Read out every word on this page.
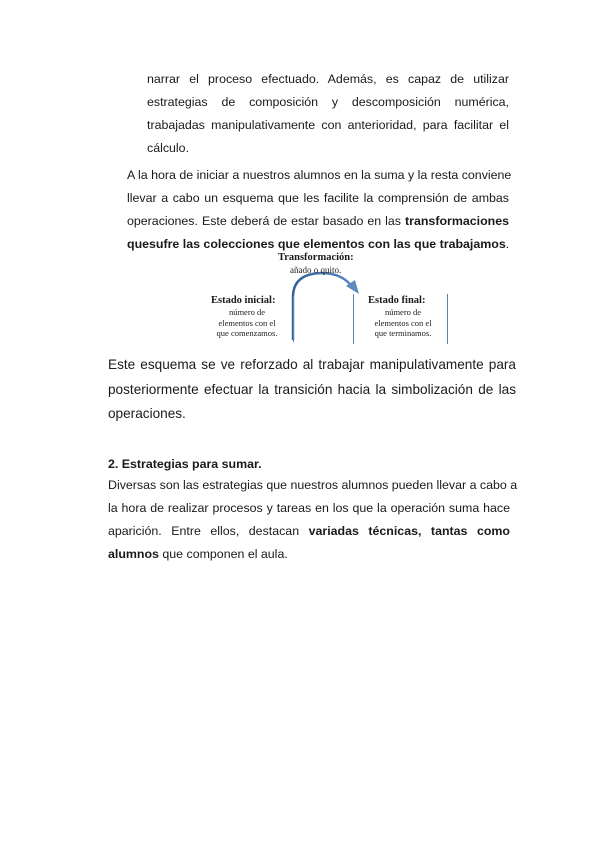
narrar el proceso efectuado. Además, es capaz de utilizar
estrategias de composición y descomposición numérica,
trabajadas manipulativamente con anterioridad, para facilitar el
cálculo.
A la hora de iniciar a nuestros alumnos en la suma y la resta conviene
llevar a cabo un esquema que les facilite la comprensión de ambas
operaciones. Este deberá de estar basado en las transformaciones
quesufre las colecciones que elementos con las que trabajamos.
Transformación:
añado o quito.
Estado inicial:
número de
elementos con el
que comenzamos.
Estado final:
número de
elementos con el
que terminamos.
Este esquema se ve reforzado al trabajar manipulativamente para
posteriormente efectuar la transición hacia la simbolización de las
operaciones.
2. Estrategias para sumar.
Diversas son las estrategias que nuestros alumnos pueden llevar a cabo a
la hora de realizar procesos y tareas en los que la operación suma hace
aparición. Entre ellos, destacan variadas técnicas, tantas como
alumnos que componen el aula.
